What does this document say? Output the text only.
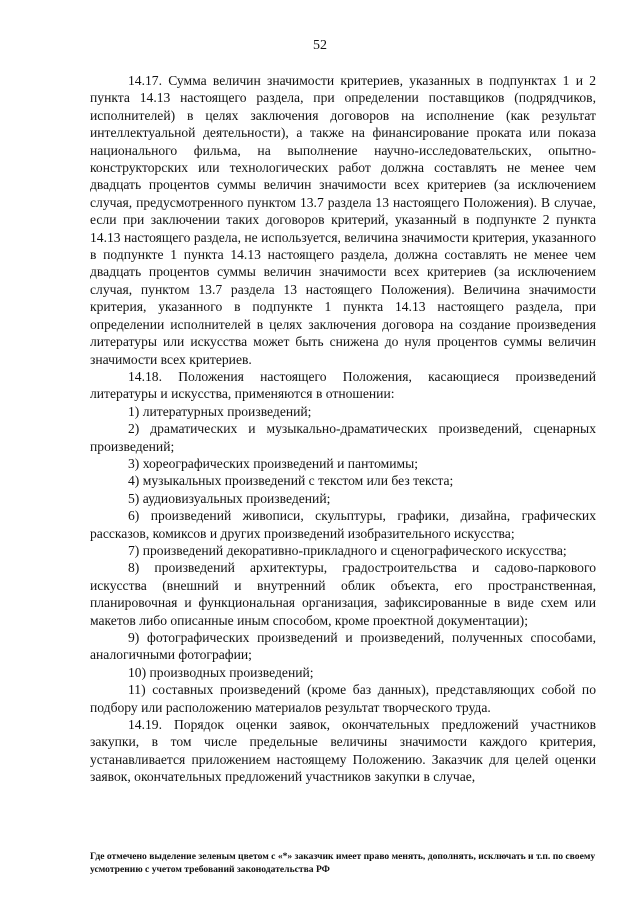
52

14.17. Сумма величин значимости критериев, указанных в подпунктах 1 и 2 пункта 14.13 настоящего раздела, при определении поставщиков (подрядчиков, исполнителей) в целях заключения договоров на исполнение (как результат интеллектуальной деятельности), а также на финансирование проката или показа национального фильма, на выполнение научно-исследовательских, опытно-конструкторских или технологических работ должна составлять не менее чем двадцать процентов суммы величин значимости всех критериев (за исключением случая, предусмотренного пунктом 13.7 раздела 13 настоящего Положения). В случае, если при заключении таких договоров критерий, указанный в подпункте 2 пункта 14.13 настоящего раздела, не используется, величина значимости критерия, указанного в подпункте 1 пункта 14.13 настоящего раздела, должна составлять не менее чем двадцать процентов суммы величин значимости всех критериев (за исключением случая, пунктом 13.7 раздела 13 настоящего Положения). Величина значимости критерия, указанного в подпункте 1 пункта 14.13 настоящего раздела, при определении исполнителей в целях заключения договора на создание произведения литературы или искусства может быть снижена до нуля процентов суммы величин значимости всех критериев.

14.18. Положения настоящего Положения, касающиеся произведений литературы и искусства, применяются в отношении:

1) литературных произведений;

2) драматических и музыкально-драматических произведений, сценарных произведений;

3) хореографических произведений и пантомимы;

4) музыкальных произведений с текстом или без текста;

5) аудиовизуальных произведений;

6) произведений живописи, скульптуры, графики, дизайна, графических рассказов, комиксов и других произведений изобразительного искусства;

7) произведений декоративно-прикладного и сценографического искусства;

8) произведений архитектуры, градостроительства и садово-паркового искусства (внешний и внутренний облик объекта, его пространственная, планировочная и функциональная организация, зафиксированные в виде схем или макетов либо описанные иным способом, кроме проектной документации);

9) фотографических произведений и произведений, полученных способами, аналогичными фотографии;

10) производных произведений;

11) составных произведений (кроме баз данных), представляющих собой по подбору или расположению материалов результат творческого труда.

14.19. Порядок оценки заявок, окончательных предложений участников закупки, в том числе предельные величины значимости каждого критерия, устанавливается приложением настоящему Положению. Заказчик для целей оценки заявок, окончательных предложений участников закупки в случае,

Где отмечено выделение зеленым цветом с «*» заказчик имеет право менять, дополнять, исключать и т.п. по своему усмотрению с учетом требований законодательства РФ
